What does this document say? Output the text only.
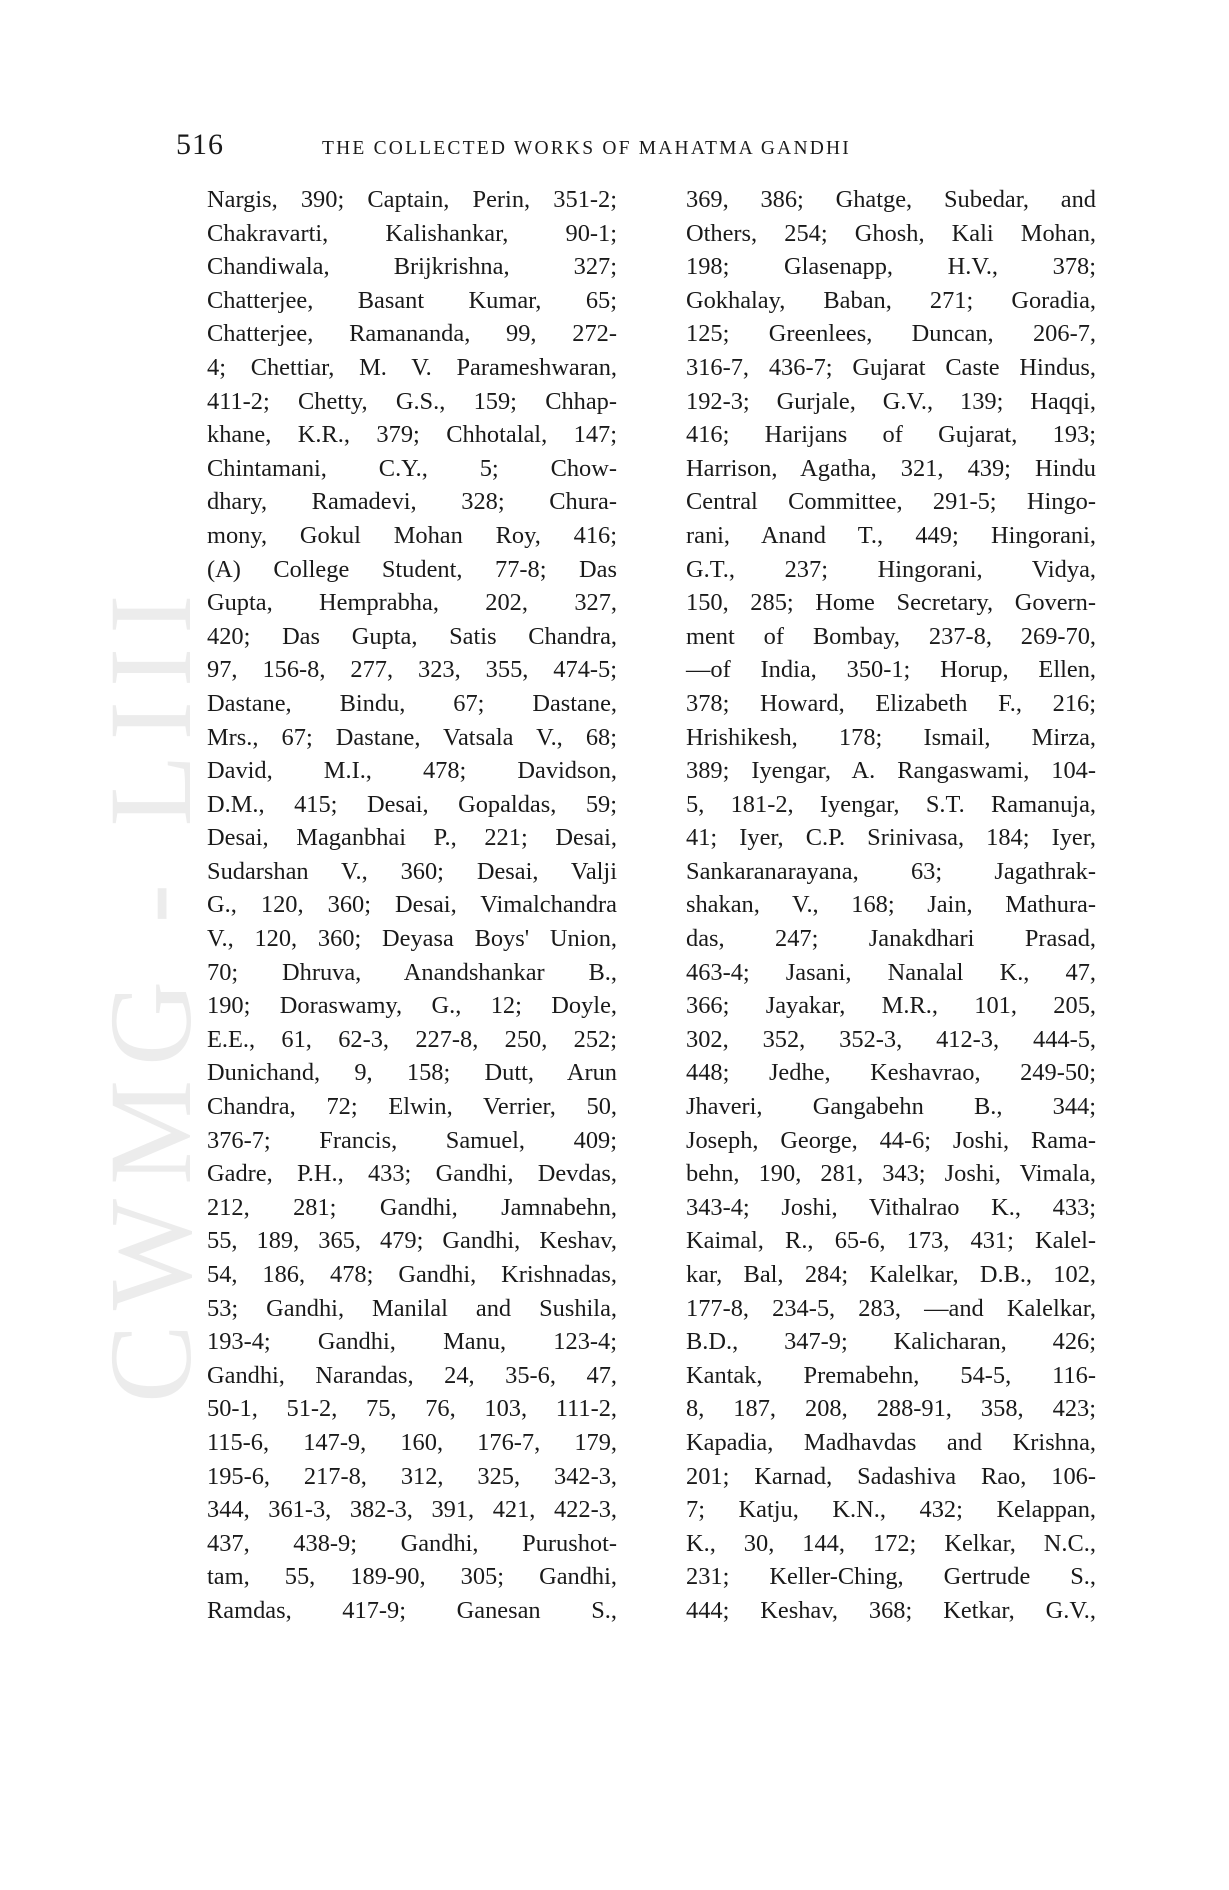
CWMG - LIII
516	THE COLLECTED WORKS OF MAHATMA GANDHI
Nargis, 390; Captain, Perin, 351-2;
Chakravarti, Kalishankar, 90-1;
Chandiwala, Brijkrishna, 327;
Chatterjee, Basant Kumar, 65;
Chatterjee, Ramananda, 99, 272-
4; Chettiar, M. V. Parameshwaran,
411-2; Chetty, G.S., 159; Chhap-
khane, K.R., 379; Chhotalal, 147;
Chintamani, C.Y., 5; Chow-
dhary, Ramadevi, 328; Chura-
mony, Gokul Mohan Roy, 416;
(A) College Student, 77-8; Das
Gupta, Hemprabha, 202, 327,
420; Das Gupta, Satis Chandra,
97, 156-8, 277, 323, 355, 474-5;
Dastane, Bindu, 67; Dastane,
Mrs., 67; Dastane, Vatsala V., 68;
David, M.I., 478; Davidson,
D.M., 415; Desai, Gopaldas, 59;
Desai, Maganbhai P., 221; Desai,
Sudarshan V., 360; Desai, Valji
G., 120, 360; Desai, Vimalchandra
V., 120, 360; Deyasa Boys' Union,
70; Dhruva, Anandshankar B.,
190; Doraswamy, G., 12; Doyle,
E.E., 61, 62-3, 227-8, 250, 252;
Dunichand, 9, 158; Dutt, Arun
Chandra, 72; Elwin, Verrier, 50,
376-7; Francis, Samuel, 409;
Gadre, P.H., 433; Gandhi, Devdas,
212, 281; Gandhi, Jamnabehn,
55, 189, 365, 479; Gandhi, Keshav,
54, 186, 478; Gandhi, Krishnadas,
53; Gandhi, Manilal and Sushila,
193-4; Gandhi, Manu, 123-4;
Gandhi, Narandas, 24, 35-6, 47,
50-1, 51-2, 75, 76, 103, 111-2,
115-6, 147-9, 160, 176-7, 179,
195-6, 217-8, 312, 325, 342-3,
344, 361-3, 382-3, 391, 421, 422-3,
437, 438-9; Gandhi, Purushot-
tam, 55, 189-90, 305; Gandhi,
Ramdas, 417-9; Ganesan S.,
369, 386; Ghatge, Subedar, and
Others, 254; Ghosh, Kali Mohan,
198; Glasenapp, H.V., 378;
Gokhalay, Baban, 271; Goradia,
125; Greenlees, Duncan, 206-7,
316-7, 436-7; Gujarat Caste Hindus,
192-3; Gurjale, G.V., 139; Haqqi,
416; Harijans of Gujarat, 193;
Harrison, Agatha, 321, 439; Hindu
Central Committee, 291-5; Hingo-
rani, Anand T., 449; Hingorani,
G.T., 237; Hingorani, Vidya,
150, 285; Home Secretary, Govern-
ment of Bombay, 237-8, 269-70,
—of India, 350-1; Horup, Ellen,
378; Howard, Elizabeth F., 216;
Hrishikesh, 178; Ismail, Mirza,
389; Iyengar, A. Rangaswami, 104-
5, 181-2, Iyengar, S.T. Ramanuja,
41; Iyer, C.P. Srinivasa, 184; Iyer,
Sankaranarayana, 63; Jagathrak-
shakan, V., 168; Jain, Mathura-
das, 247; Janakdhari Prasad,
463-4; Jasani, Nanalal K., 47,
366; Jayakar, M.R., 101, 205,
302, 352, 352-3, 412-3, 444-5,
448; Jedhe, Keshavrao, 249-50;
Jhaveri, Gangabehn B., 344;
Joseph, George, 44-6; Joshi, Rama-
behn, 190, 281, 343; Joshi, Vimala,
343-4; Joshi, Vithalrao K., 433;
Kaimal, R., 65-6, 173, 431; Kalel-
kar, Bal, 284; Kalelkar, D.B., 102,
177-8, 234-5, 283, —and Kalelkar,
B.D., 347-9; Kalicharan, 426;
Kantak, Premabehn, 54-5, 116-
8, 187, 208, 288-91, 358, 423;
Kapadia, Madhavdas and Krishna,
201; Karnad, Sadashiva Rao, 106-
7; Katju, K.N., 432; Kelappan,
K., 30, 144, 172; Kelkar, N.C.,
231; Keller-Ching, Gertrude S.,
444; Keshav, 368; Ketkar, G.V.,
